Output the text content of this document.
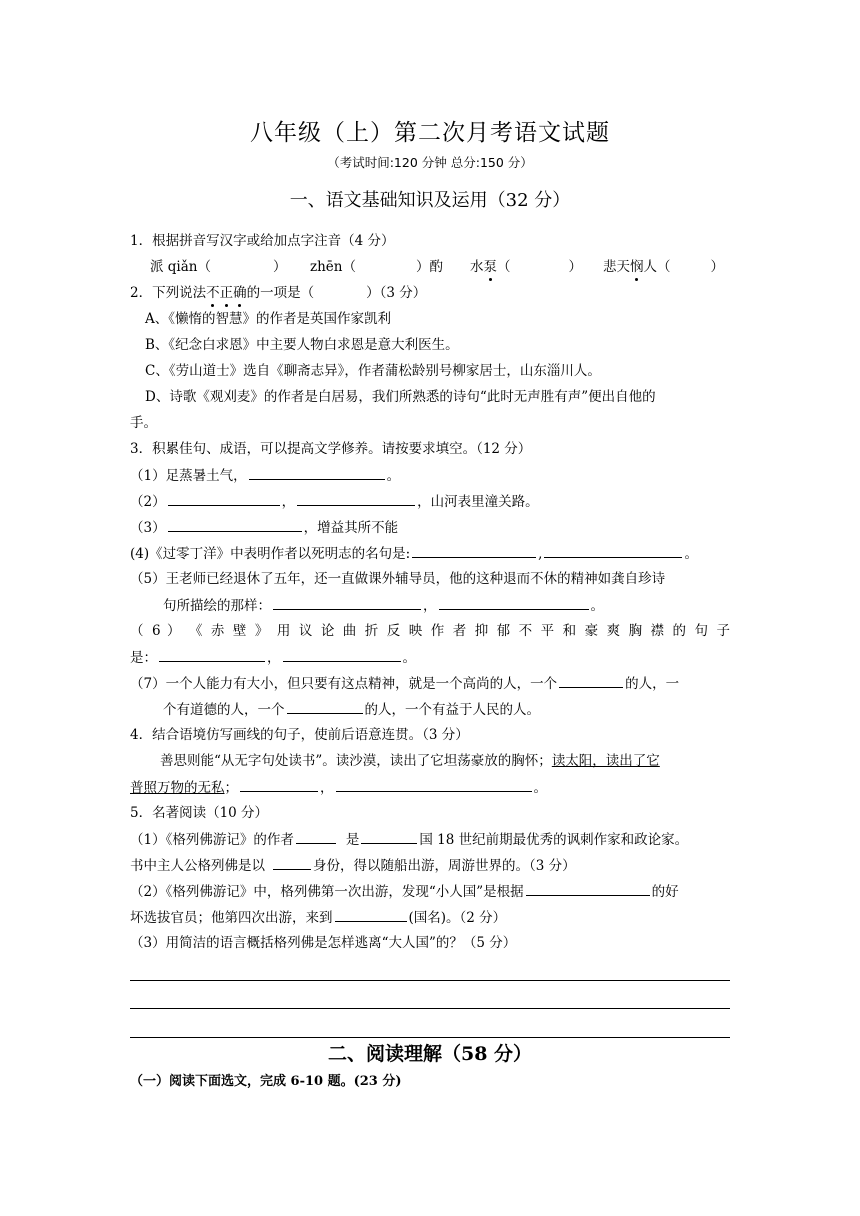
八年级（上）第二次月考语文试题
（考试时间:120 分钟 总分:150 分）
一、语文基础知识及运用（32 分）
1．根据拼音写汉字或给加点字注音（4 分）
派 qiǎn（	） zhēn（	）酌 水泵（	） 悲天悯人（	）
2．下列说法不正确的一项是（	）（3 分）
A、《懒惰的智慧》的作者是英国作家凯利
B、《纪念白求恩》中主要人物白求恩是意大利医生。
C、《劳山道士》选自《聊斋志异》，作者蒲松龄别号柳家居士，山东淄川人。
D、诗歌《观刈麦》的作者是白居易，我们所熟悉的诗句“此时无声胜有声”便出自他的
手。
3．积累佳句、成语，可以提高文学修养。请按要求填空。（12 分）
（1）足蒸暑土气，	。
（2）	，	，山河表里潼关路。
（3）	，增益其所不能
(4)《过零丁洋》中表明作者以死明志的名句是:	,	。
（5）王老师已经退休了五年，还一直做课外辅导员，他的这种退而不休的精神如龚自珍诗
句所描绘的那样：	，	。
（ 6 ） 《 赤 壁 》 用 议 论 曲 折 反 映 作 者 抑 郁 不 平 和 豪 爽 胸 襟 的 句 子
是：	，	。
（7）一个人能力有大小，但只要有这点精神，就是一个高尚的人，一个	的人，一
个有道德的人，一个	的人，一个有益于人民的人。
4．结合语境仿写画线的句子，使前后语意连贯。（3 分）
善思则能“从无字句处读书”。读沙漠，读出了它坦荡豪放的胸怀；读太阳，读出了它
普照万物的无私；	，	。
5．名著阅读（10 分）
（1）《格列佛游记》的作者	是	国 18 世纪前期最优秀的讽刺作家和政论家。
书中主人公格列佛是以	身份，得以随船出游，周游世界的。（3 分）
（2）《格列佛游记》中，格列佛第一次出游，发现“小人国”是根据	的好
坏选拔官员；他第四次出游，来到	(国名)。（2 分）
（3）用简洁的语言概括格列佛是怎样逃离“大人国”的？（5 分）
二、阅读理解（58 分）
（一）阅读下面选文，完成 6-10 题。(23 分)
